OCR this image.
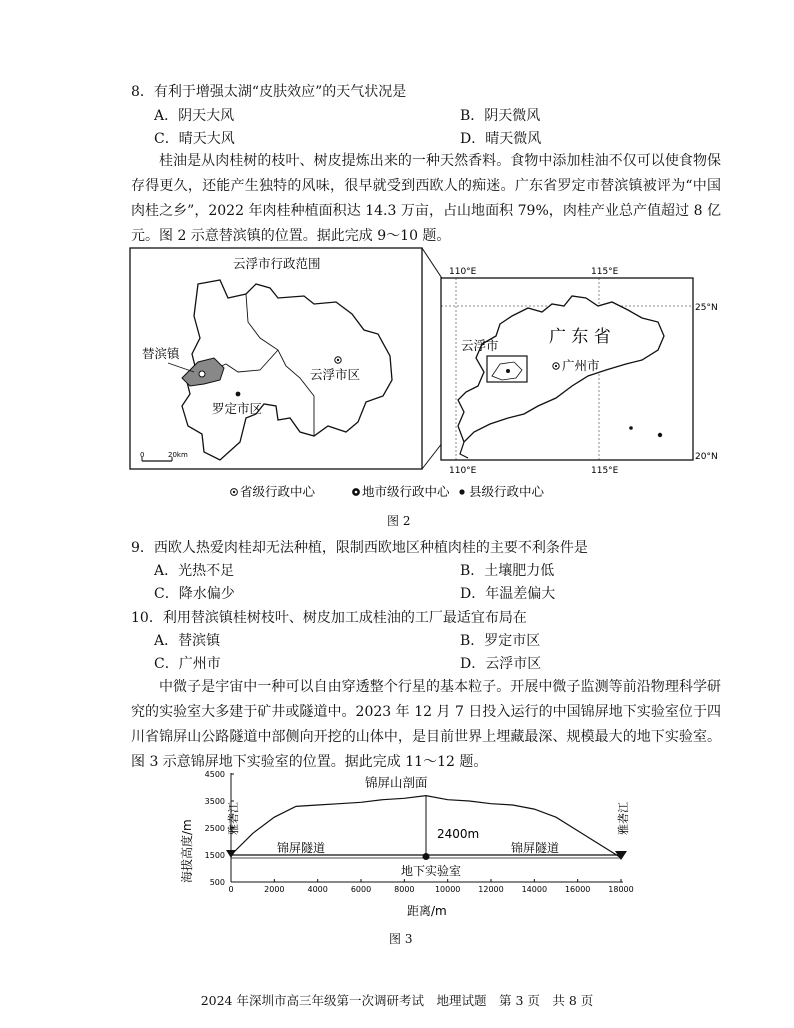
8．有利于增强太湖“皮肤效应”的天气状况是
A．阴天大风	B．阴天微风
C．晴天大风	D．晴天微风
桂油是从肉桂树的枝叶、树皮提炼出来的一种天然香料。食物中添加桂油不仅可以使食物保存得更久，还能产生独特的风味，很早就受到西欧人的痴迷。广东省罗定市替滨镇被评为“中国肉桂之乡”，2022 年肉桂种植面积达 14.3 万亩，占山地面积 79%，肉桂产业总产值超过 8 亿元。图 2 示意替滨镇的位置。据此完成 9～10 题。
云浮市行政范围
替滨镇
云浮市区
罗定市区
0	20km
110°E	115°E
25°N
20°N
110°E	115°E
广 东 省
云浮市
广州市
省级行政中心	地市级行政中心 县级行政中心
图 2
9．西欧人热爱肉桂却无法种植，限制西欧地区种植肉桂的主要不利条件是
A．光热不足	B．土壤肥力低
C．降水偏少	D．年温差偏大
10．利用替滨镇桂树枝叶、树皮加工成桂油的工厂最适宜布局在
A．替滨镇	B．罗定市区
C．广州市	D．云浮市区
中微子是宇宙中一种可以自由穿透整个行星的基本粒子。开展中微子监测等前沿物理科学研究的实验室大多建于矿井或隧道中。2023 年 12 月 7 日投入运行的中国锦屏地下实验室位于四川省锦屏山公路隧道中部侧向开挖的山体中，是目前世界上埋藏最深、规模最大的地下实验室。图 3 示意锦屏地下实验室的位置。据此完成 11～12 题。
海拔高度/m
距离/m
4500
3500
2500
1500
500
0	2000	4000	6000	8000	10000 12000 14000 16000 18000
锦屏山剖面
2400m
锦屏隧道	锦屏隧道
地下实验室
雅砻江	雅砻江
图 3
2024 年深圳市高三年级第一次调研考试　地理试题　第 3 页　共 8 页
